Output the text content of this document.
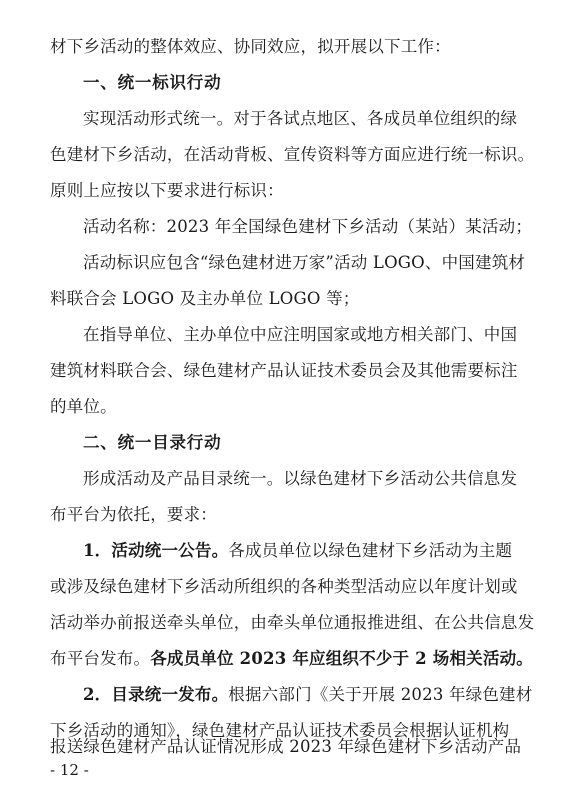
材下乡活动的整体效应、协同效应，拟开展以下工作：
一、统一标识行动
实现活动形式统一。对于各试点地区、各成员单位组织的绿
色建材下乡活动，在活动背板、宣传资料等方面应进行统一标识。
原则上应按以下要求进行标识：
活动名称：2023 年全国绿色建材下乡活动（某站）某活动；
活动标识应包含“绿色建材进万家”活动 LOGO、中国建筑材
料联合会 LOGO 及主办单位 LOGO 等；
在指导单位、主办单位中应注明国家或地方相关部门、中国
建筑材料联合会、绿色建材产品认证技术委员会及其他需要标注
的单位。
二、统一目录行动
形成活动及产品目录统一。以绿色建材下乡活动公共信息发
布平台为依托，要求：
1．活动统一公告。各成员单位以绿色建材下乡活动为主题
或涉及绿色建材下乡活动所组织的各种类型活动应以年度计划或
活动举办前报送牵头单位，由牵头单位通报推进组、在公共信息发
布平台发布。各成员单位 2023 年应组织不少于 2 场相关活动。
2．目录统一发布。根据六部门《关于开展 2023 年绿色建材
下乡活动的通知》，绿色建材产品认证技术委员会根据认证机构
- 12 -
报送绿色建材产品认证情况形成 2023 年绿色建材下乡活动产品
